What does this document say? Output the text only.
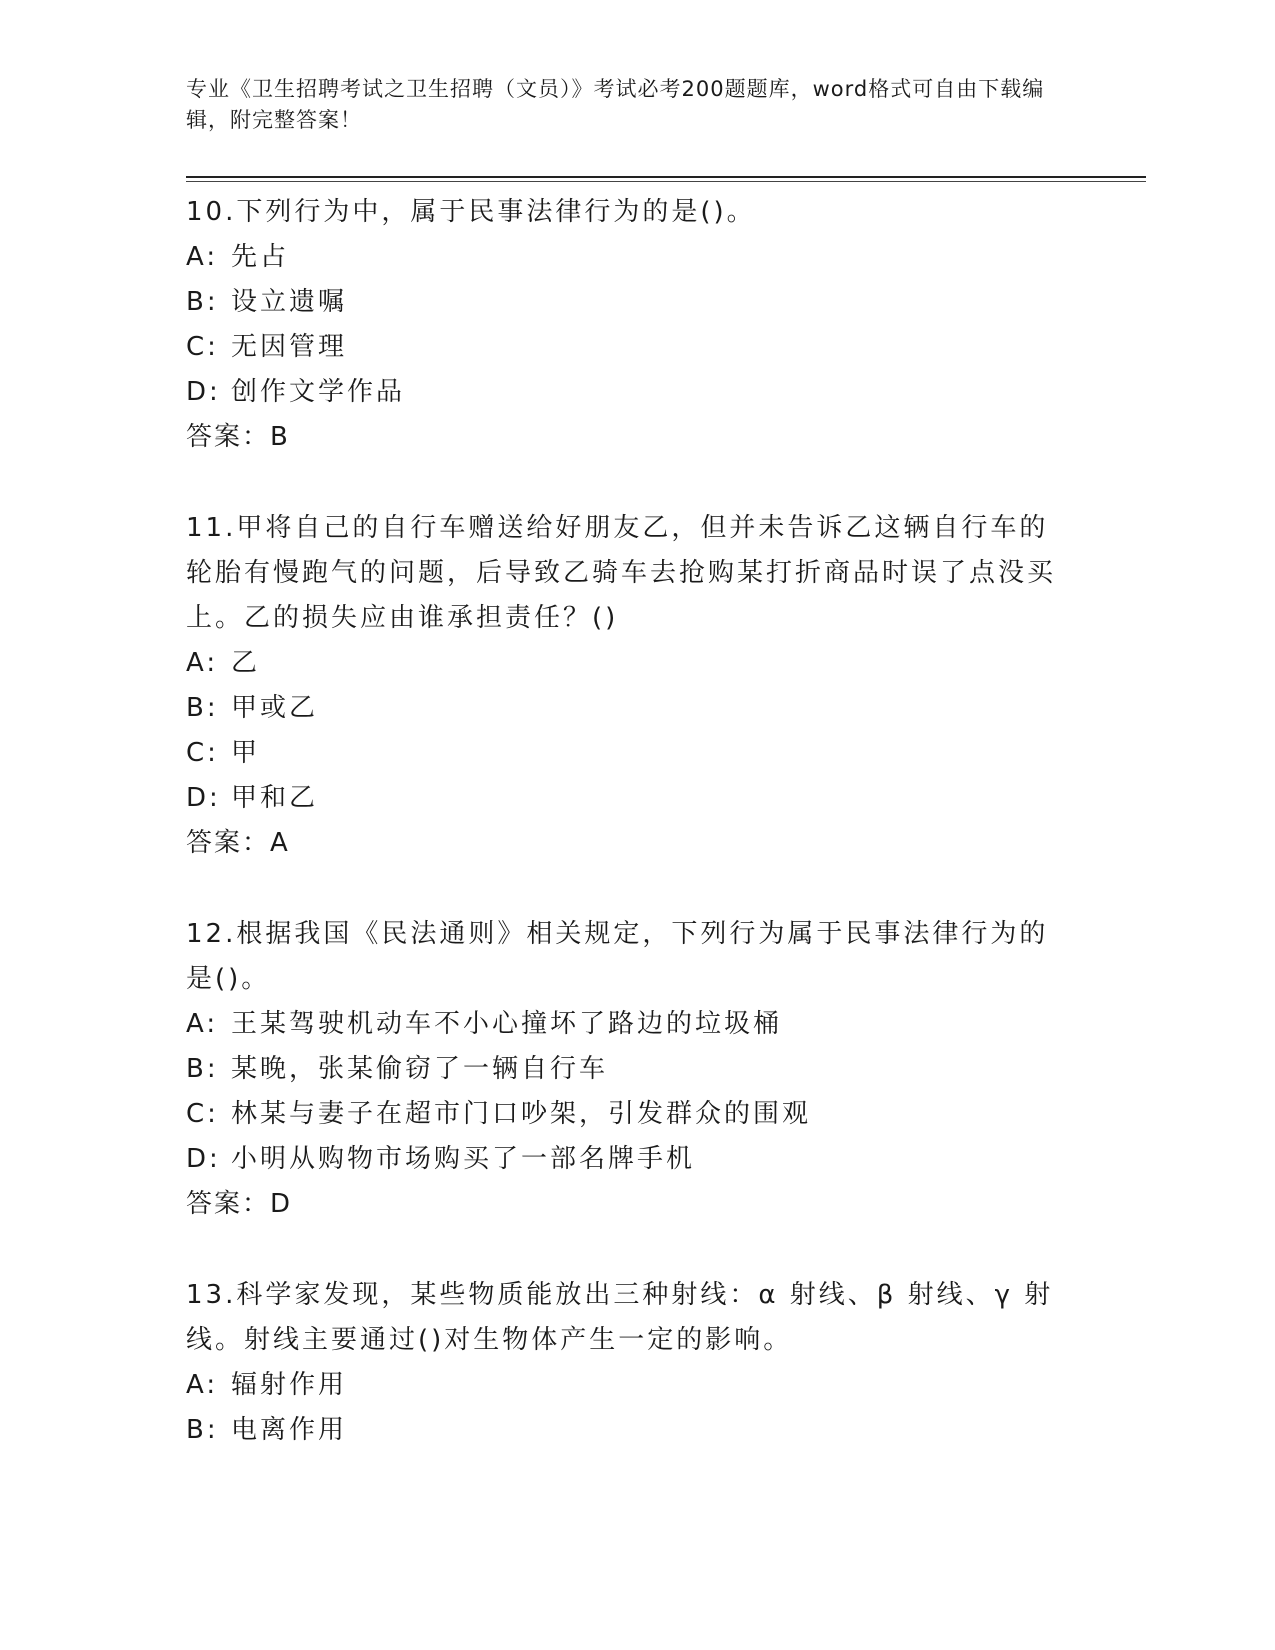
专业《卫生招聘考试之卫生招聘（文员）》考试必考200题题库，word格式可自由下载编辑，附完整答案！
10.下列行为中，属于民事法律行为的是()。
A: 先占
B: 设立遗嘱
C: 无因管理
D: 创作文学作品
答案：B
11.甲将自己的自行车赠送给好朋友乙，但并未告诉乙这辆自行车的轮胎有慢跑气的问题，后导致乙骑车去抢购某打折商品时误了点没买上。乙的损失应由谁承担责任？()
A: 乙
B: 甲或乙
C: 甲
D: 甲和乙
答案：A
12.根据我国《民法通则》相关规定，下列行为属于民事法律行为的是()。
A: 王某驾驶机动车不小心撞坏了路边的垃圾桶
B: 某晚，张某偷窃了一辆自行车
C: 林某与妻子在超市门口吵架，引发群众的围观
D: 小明从购物市场购买了一部名牌手机
答案：D
13.科学家发现，某些物质能放出三种射线：α 射线、β 射线、γ 射线。射线主要通过()对生物体产生一定的影响。
A: 辐射作用
B: 电离作用
